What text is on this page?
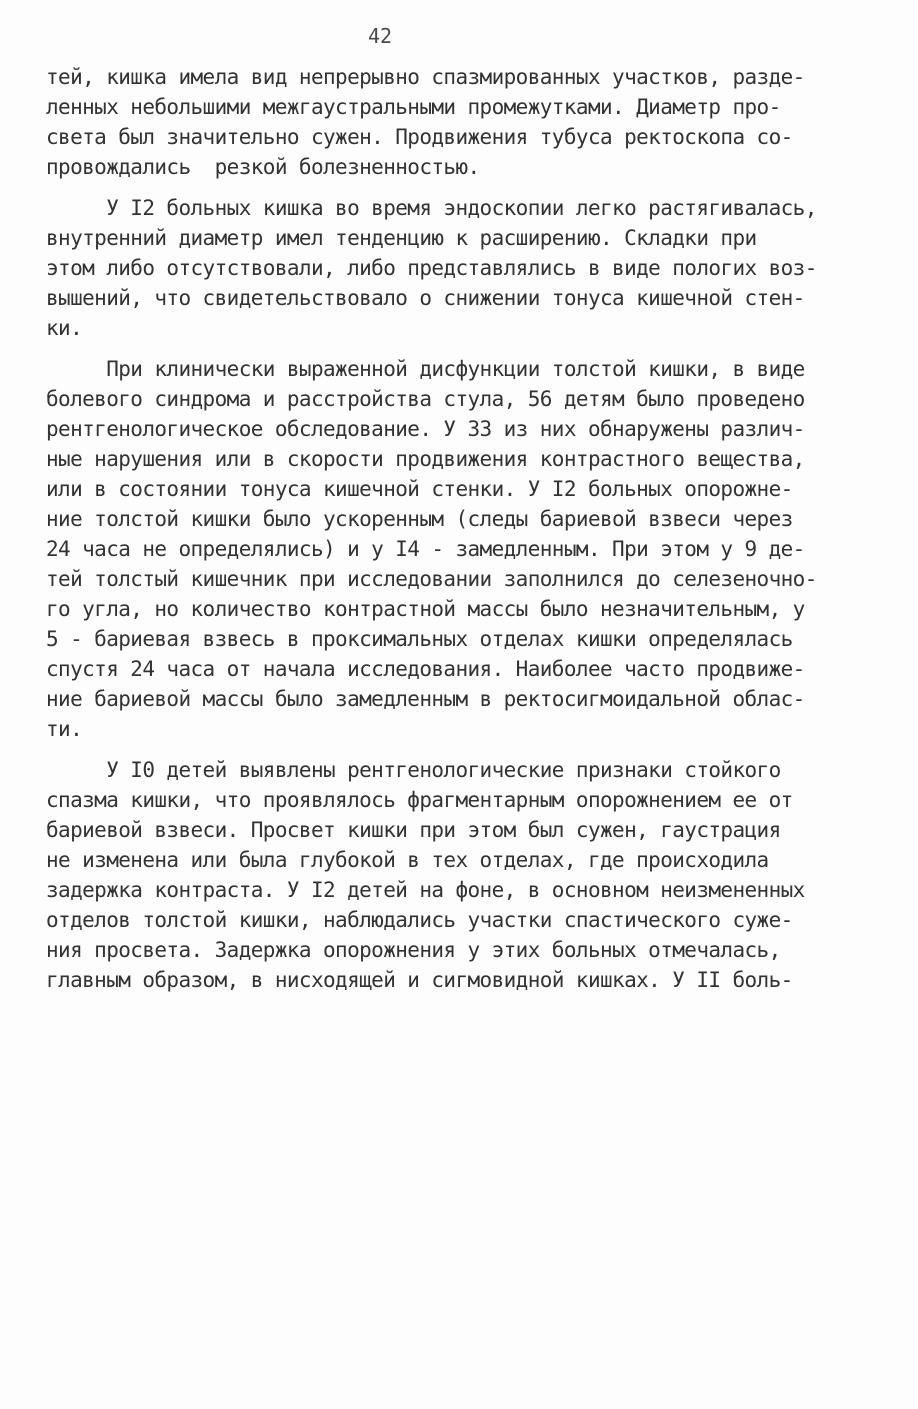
42
тей, кишка имела вид непрерывно спазмированных участков, разде-
ленных небольшими межгаустральными промежутками. Диаметр про-
света был значительно сужен. Продвижения тубуса ректоскопа со-
провождались  резкой болезненностью.
У I2 больных кишка во время эндоскопии легко растягивалась,
внутренний диаметр имел тенденцию к расширению. Складки при
этом либо отсутствовали, либо представлялись в виде пологих воз-
вышений, что свидетельствовало о снижении тонуса кишечной стен-
ки.
При клинически выраженной дисфункции толстой кишки, в виде
болевого синдрома и расстройства стула, 56 детям было проведено
рентгенологическое обследование. У 33 из них обнаружены различ-
ные нарушения или в скорости продвижения контрастного вещества,
или в состоянии тонуса кишечной стенки. У I2 больных опорожне-
ние толстой кишки было ускоренным (следы бариевой взвеси через
24 часа не определялись) и у I4 - замедленным. При этом у 9 де-
тей толстый кишечник при исследовании заполнился до селезеночно-
го угла, но количество контрастной массы было незначительным, у
5 - бариевая взвесь в проксимальных отделах кишки определялась
спустя 24 часа от начала исследования. Наиболее часто продвиже-
ние бариевой массы было замедленным в ректосигмоидальной облас-
ти.
У I0 детей выявлены рентгенологические признаки стойкого
спазма кишки, что проявлялось фрагментарным опорожнением ее от
бариевой взвеси. Просвет кишки при этом был сужен, гаустрация
не изменена или была глубокой в тех отделах, где происходила
задержка контраста. У I2 детей на фоне, в основном неизмененных
отделов толстой кишки, наблюдались участки спастического суже-
ния просвета. Задержка опорожнения у этих больных отмечалась,
главным образом, в нисходящей и сигмовидной кишках. У II боль-
